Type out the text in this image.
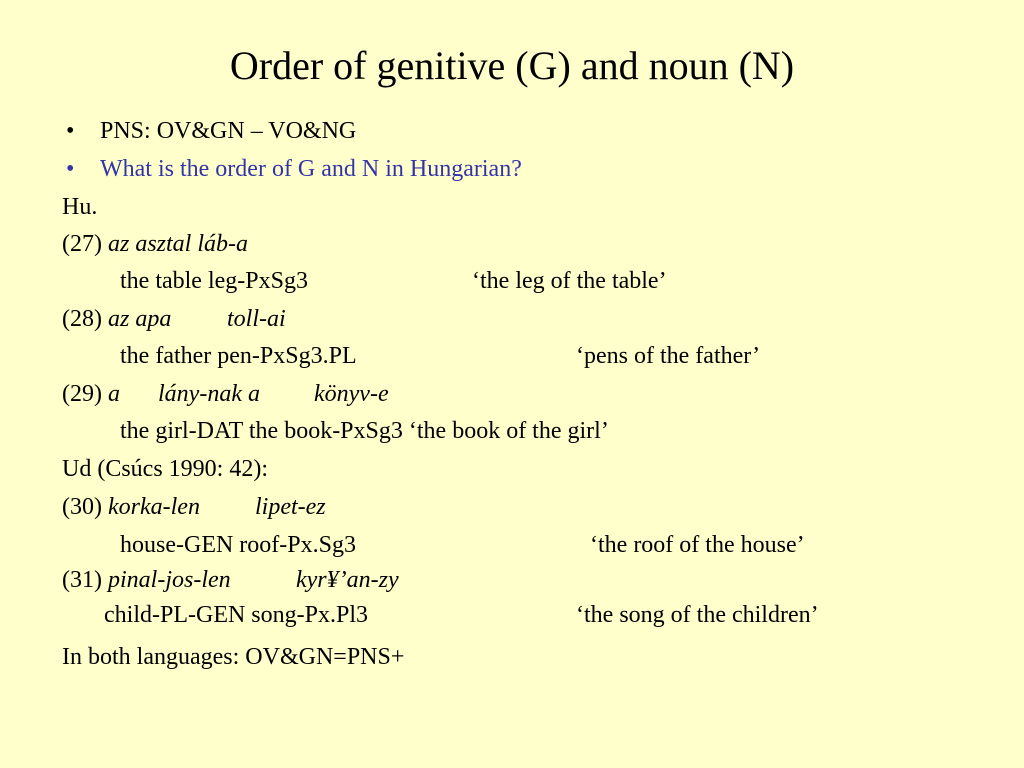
Order of genitive (G) and noun (N)
• PNS: OV&GN – VO&NG
• What is the order of G and N in Hungarian?
Hu.
(27) az asztal láb-a
the table leg-PxSg3	‘the leg of the table’
(28) az apa toll-ai
the father pen-PxSg3.PL	‘pens of the father’
(29) a lány-nak a könyv-e
the girl-DAT the book-PxSg3 ‘the book of the girl’
Ud (Csúcs 1990: 42):
(30) korka-len lipet-ez
house-GEN roof-Px.Sg3	‘the roof of the house’
(31) pinal-jos-len	kyr¥’an-zy
child-PL-GEN song-Px.Pl3	‘the song of the children’
In both languages: OV&GN=PNS+
